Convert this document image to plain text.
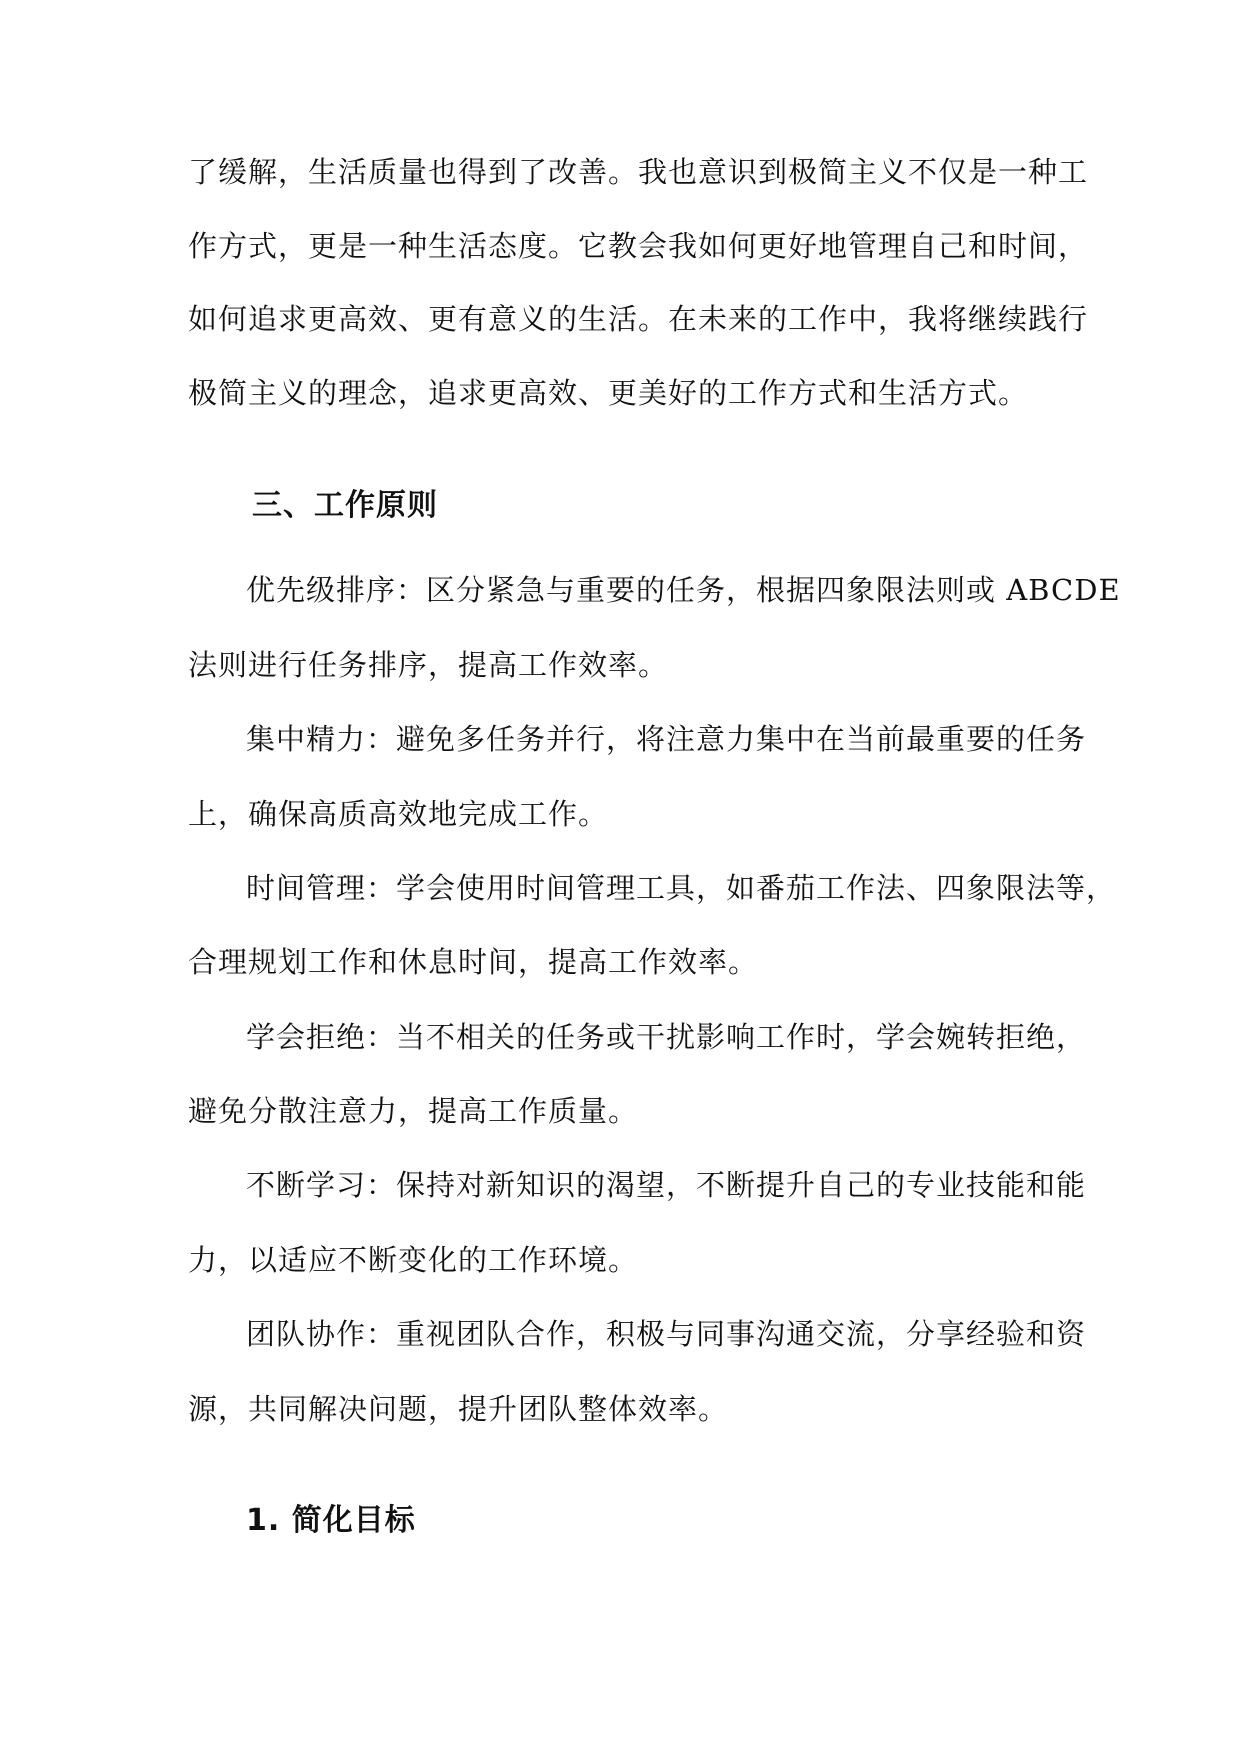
了缓解，生活质量也得到了改善。我也意识到极简主义不仅是一种工
作方式，更是一种生活态度。它教会我如何更好地管理自己和时间，
如何追求更高效、更有意义的生活。在未来的工作中，我将继续践行
极简主义的理念，追求更高效、更美好的工作方式和生活方式。
三、工作原则
优先级排序：区分紧急与重要的任务，根据四象限法则或 ABCDE
法则进行任务排序，提高工作效率。
集中精力：避免多任务并行，将注意力集中在当前最重要的任务
上，确保高质高效地完成工作。
时间管理：学会使用时间管理工具，如番茄工作法、四象限法等，
合理规划工作和休息时间，提高工作效率。
学会拒绝：当不相关的任务或干扰影响工作时，学会婉转拒绝，
避免分散注意力，提高工作质量。
不断学习：保持对新知识的渴望，不断提升自己的专业技能和能
力，以适应不断变化的工作环境。
团队协作：重视团队合作，积极与同事沟通交流，分享经验和资
源，共同解决问题，提升团队整体效率。
1. 简化目标
